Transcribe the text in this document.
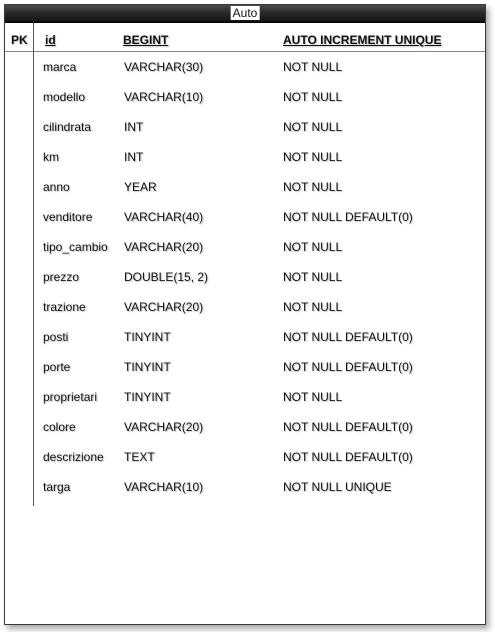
Auto
PK id	BEGINT	AUTO INCREMENT UNIQUE
marca	VARCHAR(30)	NOT NULL
modello	VARCHAR(10)	NOT NULL
cilindrata	INT	NOT NULL
km	INT	NOT NULL
anno	YEAR	NOT NULL
venditore	VARCHAR(40)	NOT NULL DEFAULT(0)
tipo_cambio VARCHAR(20)	NOT NULL
prezzo	DOUBLE(15, 2)	NOT NULL
trazione	VARCHAR(20)	NOT NULL
posti	TINYINT	NOT NULL DEFAULT(0)
porte	TINYINT	NOT NULL DEFAULT(0)
proprietari TINYINT	NOT NULL
colore	VARCHAR(20)	NOT NULL DEFAULT(0)
descrizione TEXT	NOT NULL DEFAULT(0)
targa	VARCHAR(10)	NOT NULL UNIQUE
